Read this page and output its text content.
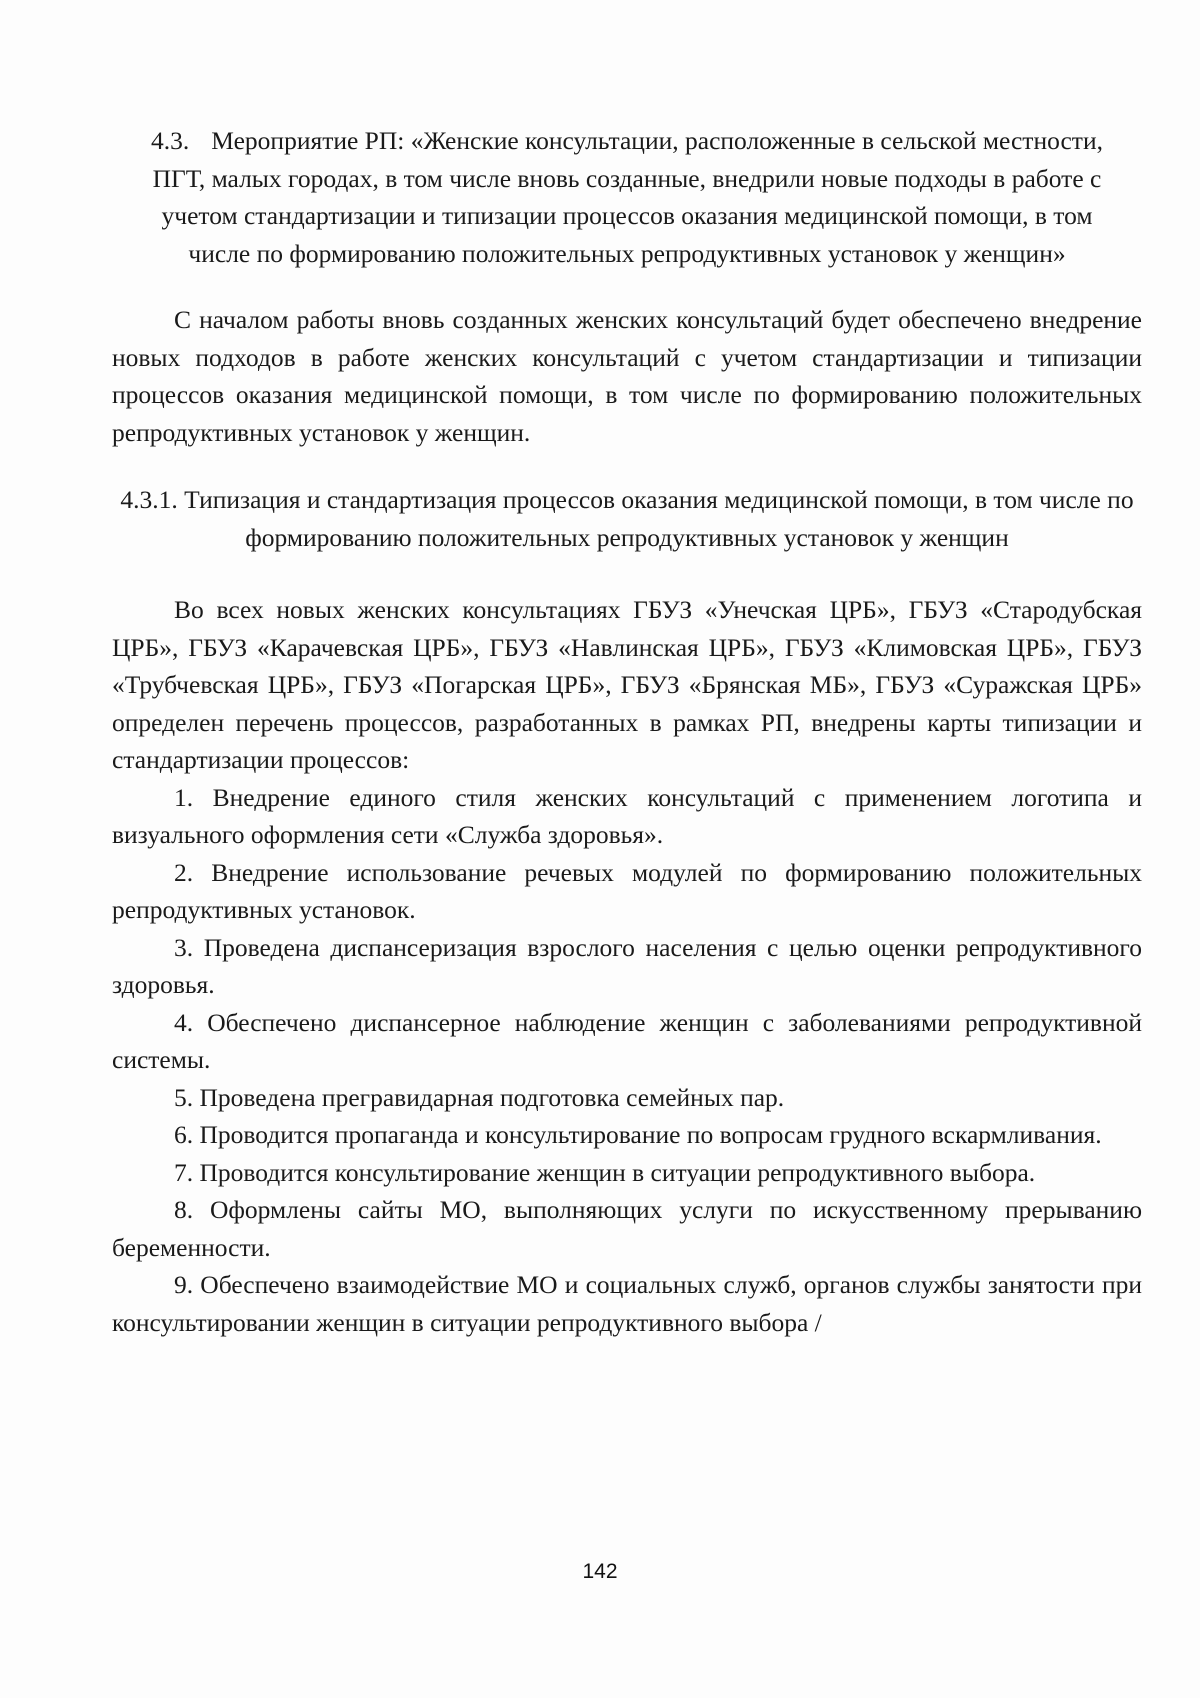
4.3. Мероприятие РП: «Женские консультации, расположенные в сельской местности, ПГТ, малых городах, в том числе вновь созданные, внедрили новые подходы в работе с учетом стандартизации и типизации процессов оказания медицинской помощи, в том числе по формированию положительных репродуктивных установок у женщин»

С началом работы вновь созданных женских консультаций будет обеспечено внедрение новых подходов в работе женских консультаций с учетом стандартизации и типизации процессов оказания медицинской помощи, в том числе по формированию положительных репродуктивных установок у женщин.

4.3.1. Типизация и стандартизация процессов оказания медицинской помощи, в том числе по формированию положительных репродуктивных установок у женщин

Во всех новых женских консультациях ГБУЗ «Унечская ЦРБ», ГБУЗ «Стародубская ЦРБ», ГБУЗ «Карачевская ЦРБ», ГБУЗ «Навлинская ЦРБ», ГБУЗ «Климовская ЦРБ», ГБУЗ «Трубчевская ЦРБ», ГБУЗ «Погарская ЦРБ», ГБУЗ «Брянская МБ», ГБУЗ «Суражская ЦРБ» определен перечень процессов, разработанных в рамках РП, внедрены карты типизации и стандартизации процессов:

1. Внедрение единого стиля женских консультаций с применением логотипа и визуального оформления сети «Служба здоровья».
2. Внедрение использование речевых модулей по формированию положительных репродуктивных установок.
3. Проведена диспансеризация взрослого населения с целью оценки репродуктивного здоровья.
4. Обеспечено диспансерное наблюдение женщин с заболеваниями репродуктивной системы.
5. Проведена прегравидарная подготовка семейных пар.
6. Проводится пропаганда и консультирование по вопросам грудного вскармливания.
7. Проводится консультирование женщин в ситуации репродуктивного выбора.
8. Оформлены сайты МО, выполняющих услуги по искусственному прерыванию беременности.
9. Обеспечено взаимодействие МО и социальных служб, органов службы занятости при консультировании женщин в ситуации репродуктивного выбора /
142
